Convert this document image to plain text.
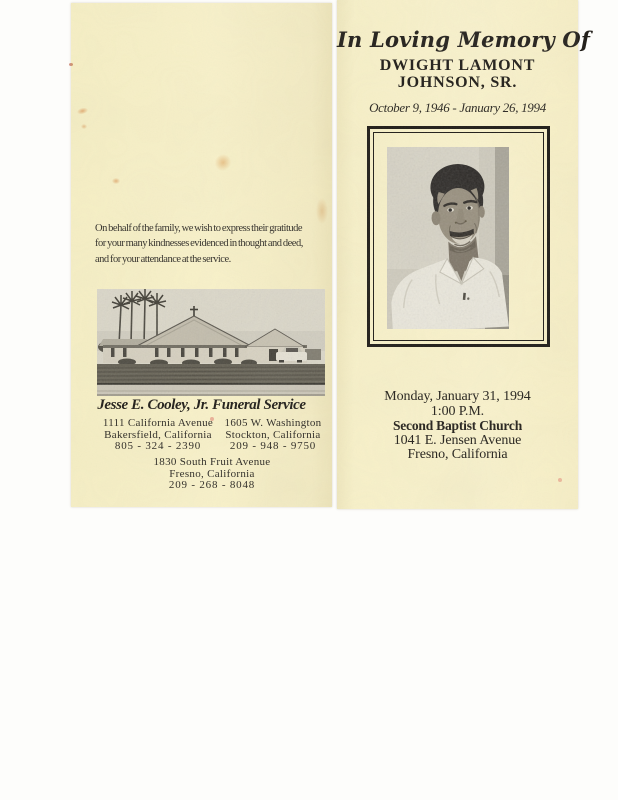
On behalf of the family, we wish to express their gratitude
for your many kindnesses evidenced in thought and deed,
and for your attendance at the service.
Jesse E. Cooley, Jr. Funeral Service
1111 California Avenue
Bakersfield, California
805 - 324 - 2390
1605 W. Washington
Stockton, California
209 - 948 - 9750
1830 South Fruit Avenue
Fresno, California
209 - 268 - 8048
In Loving Memory Of
DWIGHT LAMONT
JOHNSON, SR.
October 9, 1946 - January 26, 1994
Monday, January 31, 1994
1:00 P.M.
Second Baptist Church
1041 E. Jensen Avenue
Fresno, California
